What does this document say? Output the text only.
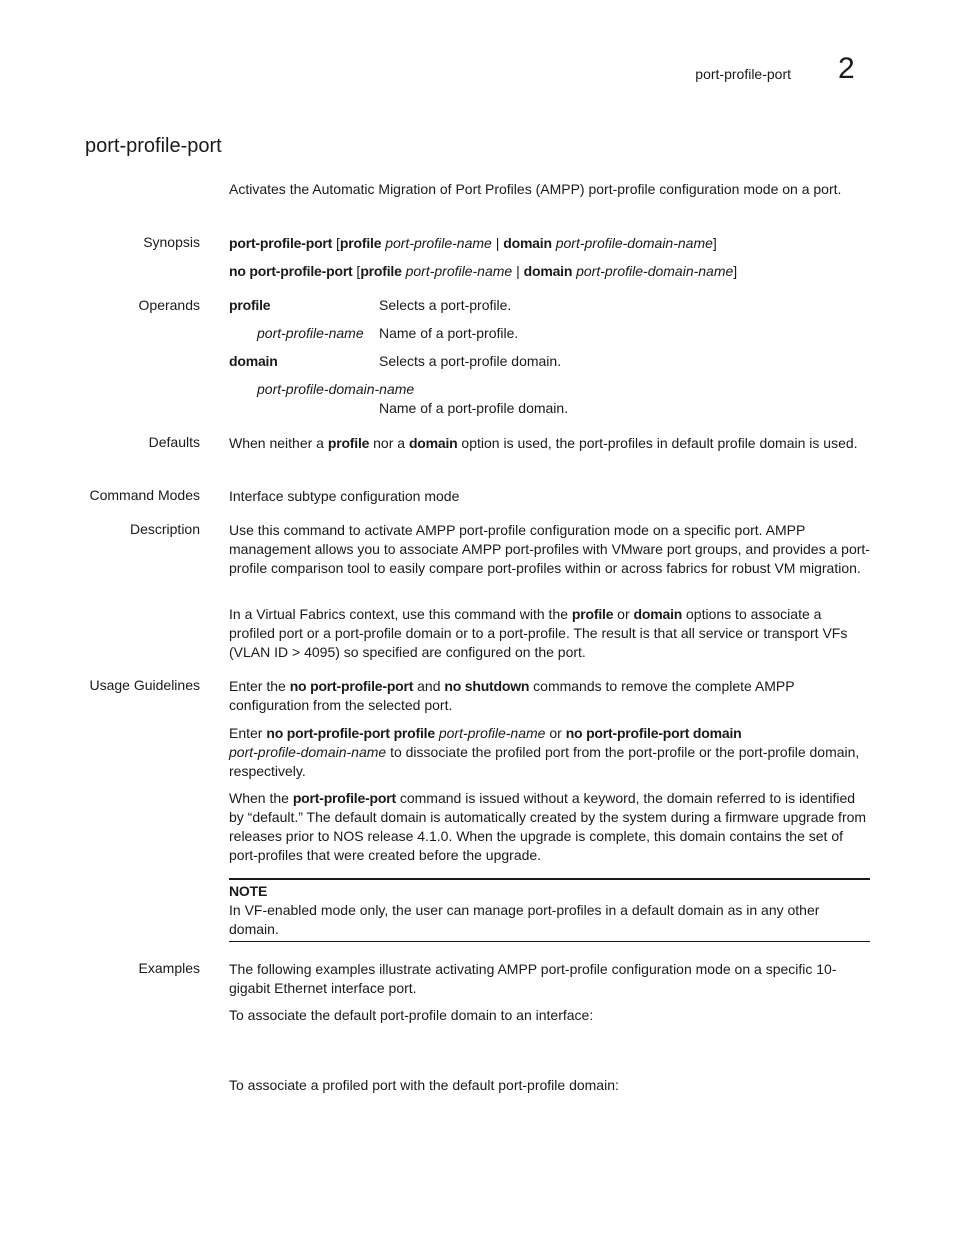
port-profile-port 2
port-profile-port

Activates the Automatic Migration of Port Profiles (AMPP) port-profile configuration mode on a port.

Synopsis port-profile-port [profile port-profile-name | domain port-profile-domain-name]
no port-profile-port [profile port-profile-name | domain port-profile-domain-name]
Operands profile	Selects a port-profile.
port-profile-name Name of a port-profile.
domain	Selects a port-profile domain.
port-profile-domain-name
Name of a port-profile domain.
Defaults When neither a profile nor a domain option is used, the port-profiles in default profile domain is used.

Command Modes Interface subtype configuration mode
Description Use this command to activate AMPP port-profile configuration mode on a specific port. AMPP management allows you to associate AMPP port-profiles with VMware port groups, and provides a port-profile comparison tool to easily compare port-profiles within or across fabrics for robust VM migration.

In a Virtual Fabrics context, use this command with the profile or domain options to associate a profiled port or a port-profile domain or to a port-profile. The result is that all service or transport VFs (VLAN ID > 4095) so specified are configured on the port.

Usage Guidelines Enter the no port-profile-port and no shutdown commands to remove the complete AMPP configuration from the selected port.

Enter no port-profile-port profile port-profile-name or no port-profile-port domain
port-profile-domain-name to dissociate the profiled port from the port-profile or the port-profile domain, respectively.

When the port-profile-port command is issued without a keyword, the domain referred to is identified by “default.” The default domain is automatically created by the system during a firmware upgrade from releases prior to NOS release 4.1.0. When the upgrade is complete, this domain contains the set of port-profiles that were created before the upgrade.

NOTE

In VF-enabled mode only, the user can manage port-profiles in a default domain as in any other domain.

Examples The following examples illustrate activating AMPP port-profile configuration mode on a specific 10-gigabit Ethernet interface port.

To associate the default port-profile domain to an interface:

To associate a profiled port with the default port-profile domain:
